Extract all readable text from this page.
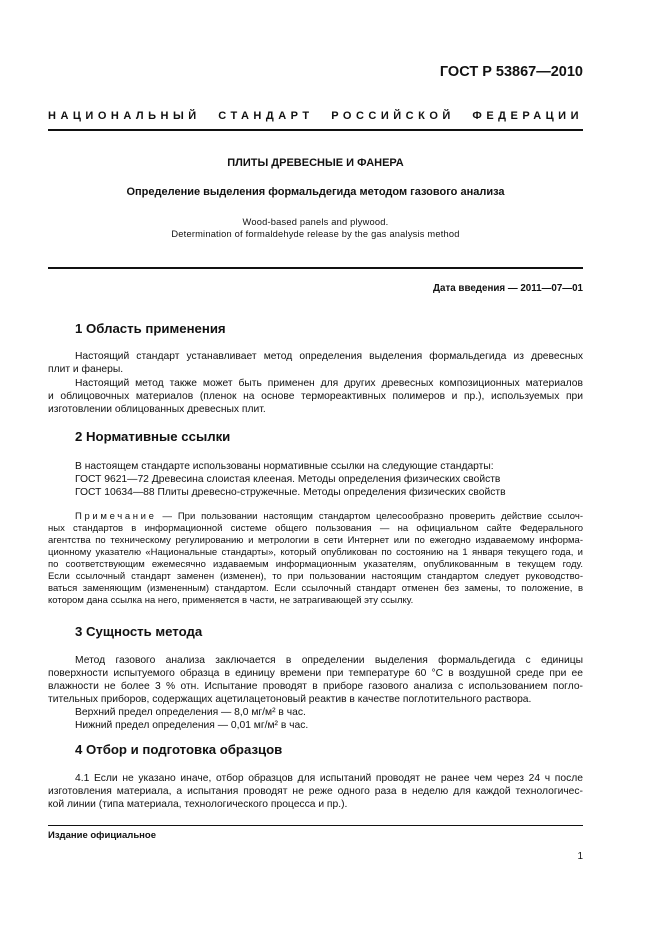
ГОСТ Р 53867—2010
НАЦИОНАЛЬНЫЙ СТАНДАРТ РОССИЙСКОЙ ФЕДЕРАЦИИ
ПЛИТЫ ДРЕВЕСНЫЕ И ФАНЕРА
Определение выделения формальдегида методом газового анализа
Wood-based panels and plywood.
Determination of formaldehyde release by the gas analysis method
Дата введения — 2011—07—01
1 Область применения
Настоящий стандарт устанавливает метод определения выделения формальдегида из древесных
плит и фанеры.
Настоящий метод также может быть применен для других древесных композиционных материалов
и облицовочных материалов (пленок на основе термореактивных полимеров и пр.), используемых при
изготовлении облицованных древесных плит.
2 Нормативные ссылки
В настоящем стандарте использованы нормативные ссылки на следующие стандарты:
ГОСТ 9621—72 Древесина слоистая клееная. Методы определения физических свойств
ГОСТ 10634—88 Плиты древесно-стружечные. Методы определения физических свойств
Примечание — При пользовании настоящим стандартом целесообразно проверить действие ссылоч-
ных стандартов в информационной системе общего пользования — на официальном сайте Федерального
агентства по техническому регулированию и метрологии в сети Интернет или по ежегодно издаваемому информа-
ционному указателю «Национальные стандарты», который опубликован по состоянию на 1 января текущего года, и
по соответствующим ежемесячно издаваемым информационным указателям, опубликованным в текущем году.
Если ссылочный стандарт заменен (изменен), то при пользовании настоящим стандартом следует руководство-
ваться заменяющим (измененным) стандартом. Если ссылочный стандарт отменен без замены, то положение, в
котором дана ссылка на него, применяется в части, не затрагивающей эту ссылку.
3 Сущность метода
Метод газового анализа заключается в определении выделения формальдегида с единицы
поверхности испытуемого образца в единицу времени при температуре 60 °С в воздушной среде при ее
влажности не более 3 % отн. Испытание проводят в приборе газового анализа с использованием погло-
тительных приборов, содержащих ацетилацетоновый реактив в качестве поглотительного раствора.
Верхний предел определения — 8,0 мг/м² в час.
Нижний предел определения — 0,01 мг/м² в час.
4 Отбор и подготовка образцов
4.1 Если не указано иначе, отбор образцов для испытаний проводят не ранее чем через 24 ч после
изготовления материала, а испытания проводят не реже одного раза в неделю для каждой технологичес-
кой линии (типа материала, технологического процесса и пр.).
Издание официальное
1
